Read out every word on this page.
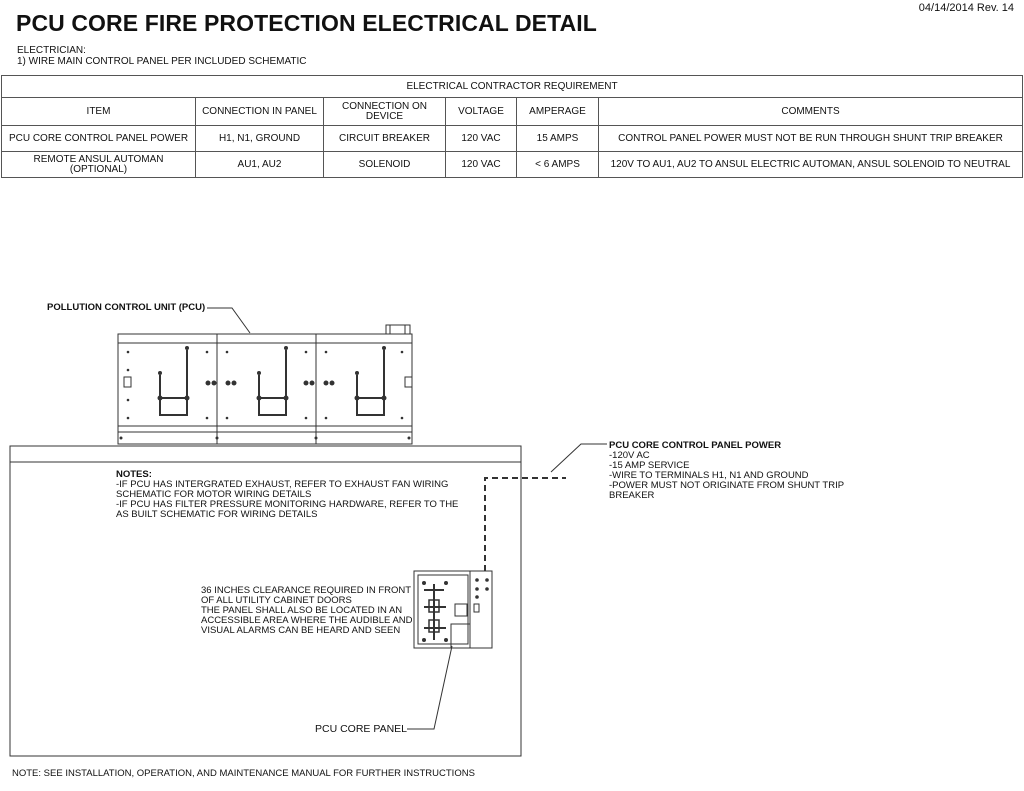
PCU CORE FIRE PROTECTION ELECTRICAL DETAIL
04/14/2014 Rev. 14
ELECTRICIAN:
1) WIRE MAIN CONTROL PANEL PER INCLUDED SCHEMATIC
ELECTRICAL CONTRACTOR REQUIREMENT					
ITEM	CONNECTION IN PANEL	CONNECTION ON DEVICE	VOLTAGE	AMPERAGE	COMMENTS
PCU CORE CONTROL PANEL POWER	H1, N1, GROUND	CIRCUIT BREAKER	120 VAC	15 AMPS	CONTROL PANEL POWER MUST NOT BE RUN THROUGH SHUNT TRIP BREAKER
REMOTE ANSUL AUTOMAN (OPTIONAL)	AU1, AU2	SOLENOID	120 VAC	< 6 AMPS	120V TO AU1, AU2 TO ANSUL ELECTRIC AUTOMAN, ANSUL SOLENOID TO NEUTRAL
POLLUTION CONTROL UNIT (PCU)
PCU CORE CONTROL PANEL POWER
-120V AC
-15 AMP SERVICE
-WIRE TO TERMINALS H1, N1 AND GROUND
-POWER MUST NOT ORIGINATE FROM SHUNT TRIP
BREAKER
NOTES:
-IF PCU HAS INTERGRATED EXHAUST, REFER TO EXHAUST FAN WIRING
SCHEMATIC FOR MOTOR WIRING DETAILS
-IF PCU HAS FILTER PRESSURE MONITORING HARDWARE, REFER TO THE
AS BUILT SCHEMATIC FOR WIRING DETAILS
36 INCHES CLEARANCE REQUIRED IN FRONT
OF ALL UTILITY CABINET DOORS
THE PANEL SHALL ALSO BE LOCATED IN AN
ACCESSIBLE AREA WHERE THE AUDIBLE AND
VISUAL ALARMS CAN BE HEARD AND SEEN
PCU CORE PANEL
NOTE: SEE INSTALLATION, OPERATION, AND MAINTENANCE MANUAL FOR FURTHER INSTRUCTIONS
